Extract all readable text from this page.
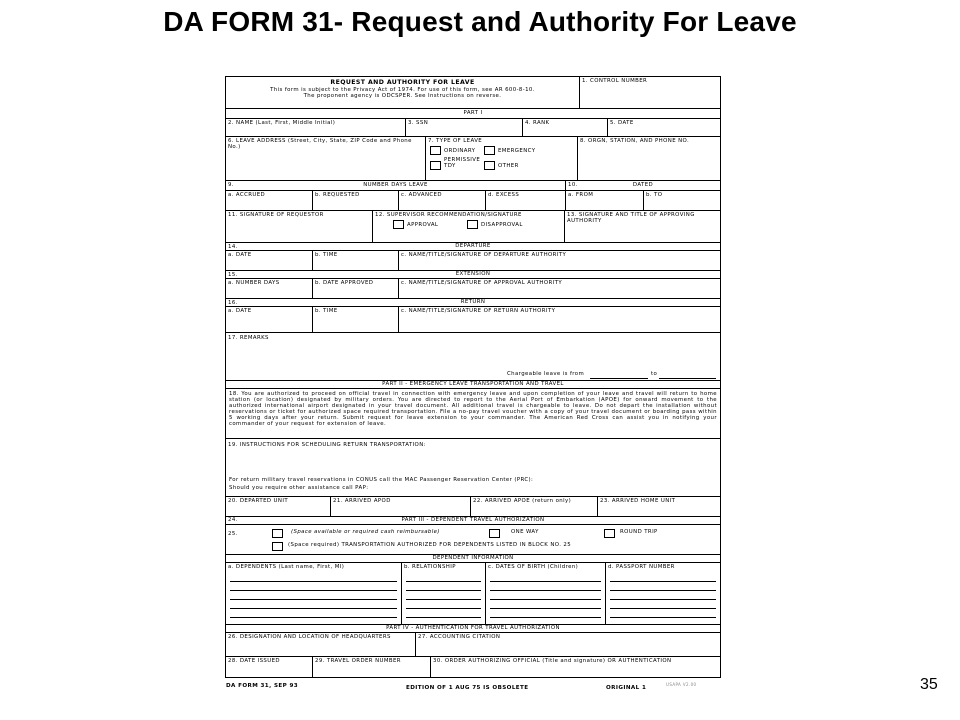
DA FORM 31- Request and Authority For Leave
REQUEST AND AUTHORITY FOR LEAVE
This form is subject to the Privacy Act of 1974. For use of this form, see AR 600-8-10.
The proponent agency is ODCSPER. See Instructions on reverse.
1. CONTROL NUMBER
PART I
2. NAME (Last, First, Middle Initial)	3. SSN	4. RANK	5. DATE
6. LEAVE ADDRESS (Street, City, State, ZIP Code and Phone No.)
7. TYPE OF LEAVE
ORDINARY	EMERGENCY
PERMISSIVE TDY	OTHER
8. ORGN, STATION, AND PHONE NO.
9.	NUMBER DAYS LEAVE	10.	DATED
a. ACCRUED	b. REQUESTED	c. ADVANCED	d. EXCESS	a. FROM	b. TO
11. SIGNATURE OF REQUESTOR	12. SUPERVISOR RECOMMENDATION/SIGNATURE
APPROVAL	DISAPPROVAL
13. SIGNATURE AND TITLE OF APPROVING AUTHORITY
14.	DEPARTURE
a. DATE	b. TIME	c. NAME/TITLE/SIGNATURE OF DEPARTURE AUTHORITY
15.	EXTENSION
a. NUMBER DAYS	b. DATE APPROVED	c. NAME/TITLE/SIGNATURE OF APPROVAL AUTHORITY
16.	RETURN
a. DATE	b. TIME	c. NAME/TITLE/SIGNATURE OF RETURN AUTHORITY
17. REMARKS
Chargeable leave is from	to
PART II - EMERGENCY LEAVE TRANSPORTATION AND TRAVEL
18. You are authorized to proceed on official travel in connection with emergency leave and upon completion of your leave and travel will return to home station (or location) designated by military orders. You are directed to report to the Aerial Port of Embarkation (APOE) for onward movement to the authorized international airport designated in your travel document. All additional travel is chargeable to leave. Do not depart the installation without reservations or ticket for authorized space required transportation. File a no-pay travel voucher with a copy of your travel document or boarding pass within 5 working days after your return. Submit request for leave extension to your commander. The American Red Cross can assist you in notifying your commander of your request for extension of leave.
19. INSTRUCTIONS FOR SCHEDULING RETURN TRANSPORTATION:
For return military travel reservations in CONUS call the MAC Passenger Reservation Center (PRC):
Should you require other assistance call PAP:
20. DEPARTED UNIT	21. ARRIVED APOD	22. ARRIVED APOE (return only)	23. ARRIVED HOME UNIT
24.	PART III - DEPENDENT TRAVEL AUTHORIZATION
25.	(Space available or required cash reimbursable)	ONE WAY	ROUND TRIP
(Space required) TRANSPORTATION AUTHORIZED FOR DEPENDENTS LISTED IN BLOCK NO. 25
DEPENDENT INFORMATION
a. DEPENDENTS (Last name, First, MI)	b. RELATIONSHIP	c. DATES OF BIRTH (Children)	d. PASSPORT NUMBER
PART IV - AUTHENTICATION FOR TRAVEL AUTHORIZATION
26. DESIGNATION AND LOCATION OF HEADQUARTERS	27. ACCOUNTING CITATION
28. DATE ISSUED	29. TRAVEL ORDER NUMBER	30. ORDER AUTHORIZING OFFICIAL (Title and signature) OR AUTHENTICATION
DA FORM 31, SEP 93	EDITION OF 1 AUG 75 IS OBSOLETE	ORIGINAL 1
USAPA V2.00	35
